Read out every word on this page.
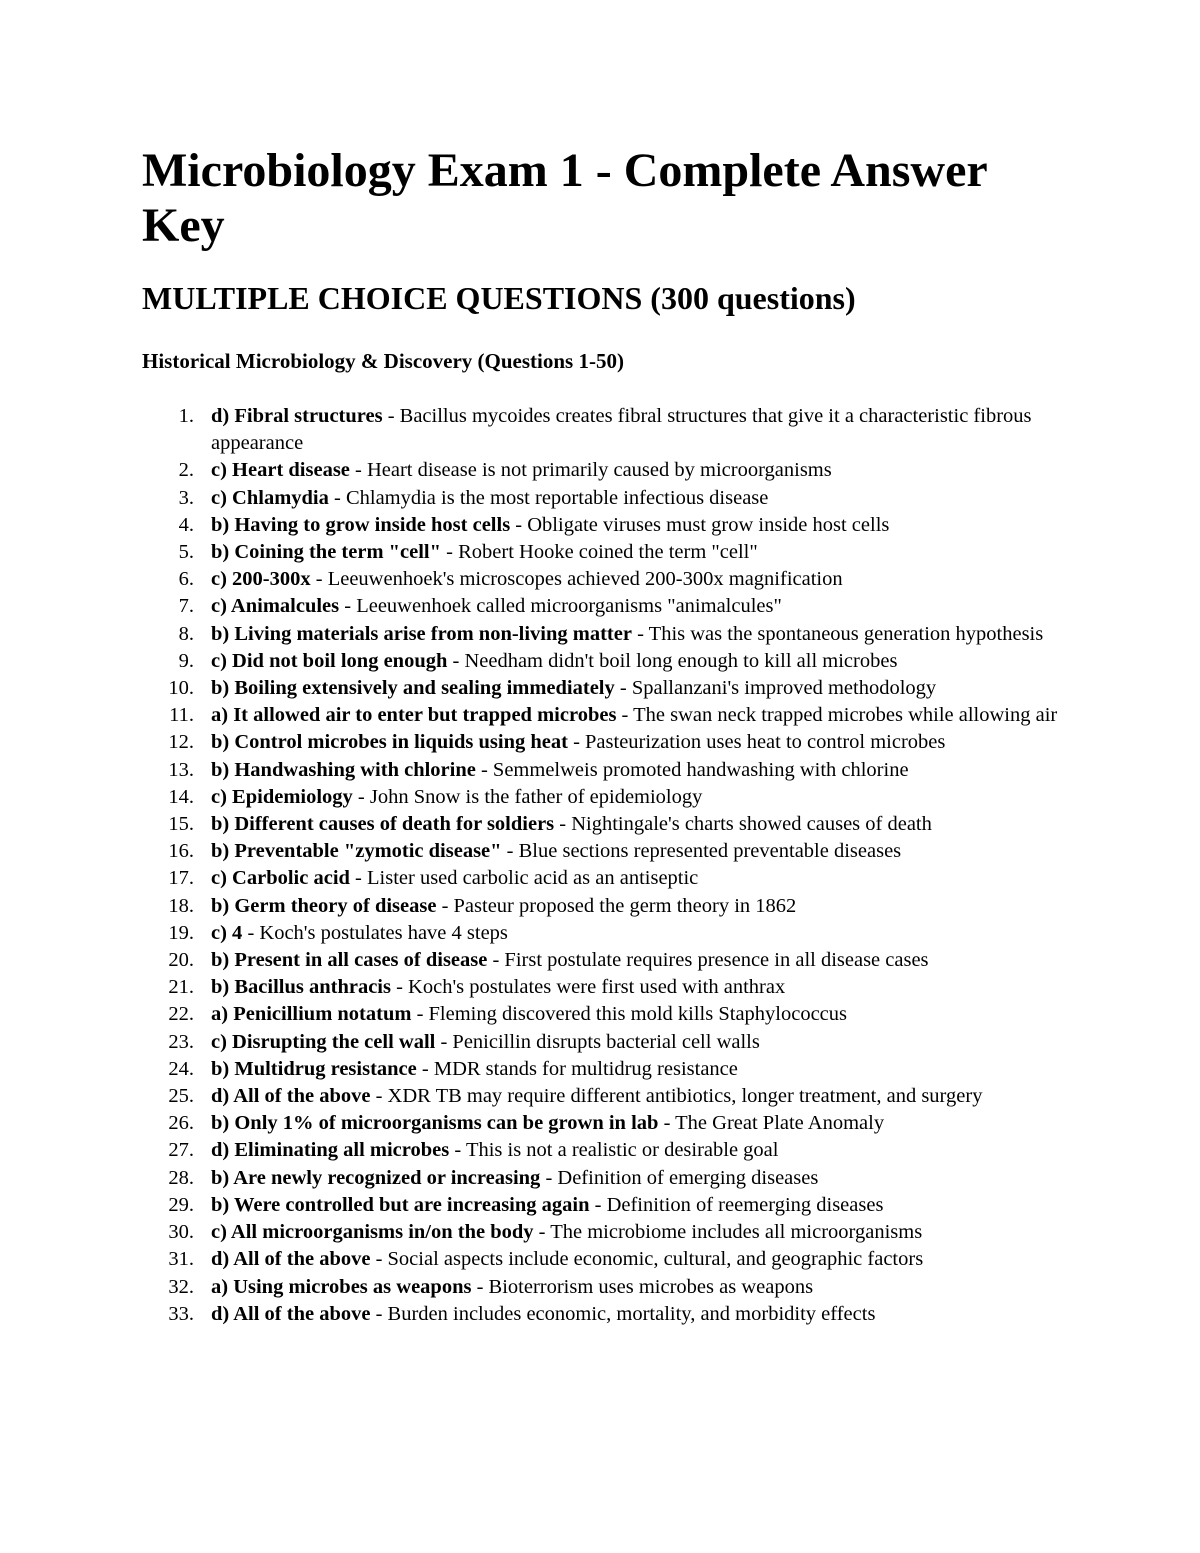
Microbiology Exam 1 - Complete Answer Key
MULTIPLE CHOICE QUESTIONS (300 questions)
Historical Microbiology & Discovery (Questions 1-50)
1. d) Fibral structures - Bacillus mycoides creates fibral structures that give it a characteristic fibrous appearance
2. c) Heart disease - Heart disease is not primarily caused by microorganisms
3. c) Chlamydia - Chlamydia is the most reportable infectious disease
4. b) Having to grow inside host cells - Obligate viruses must grow inside host cells
5. b) Coining the term "cell" - Robert Hooke coined the term "cell"
6. c) 200-300x - Leeuwenhoek's microscopes achieved 200-300x magnification
7. c) Animalcules - Leeuwenhoek called microorganisms "animalcules"
8. b) Living materials arise from non-living matter - This was the spontaneous generation hypothesis
9. c) Did not boil long enough - Needham didn't boil long enough to kill all microbes
10. b) Boiling extensively and sealing immediately - Spallanzani's improved methodology
11. a) It allowed air to enter but trapped microbes - The swan neck trapped microbes while allowing air
12. b) Control microbes in liquids using heat - Pasteurization uses heat to control microbes
13. b) Handwashing with chlorine - Semmelweis promoted handwashing with chlorine
14. c) Epidemiology - John Snow is the father of epidemiology
15. b) Different causes of death for soldiers - Nightingale's charts showed causes of death
16. b) Preventable "zymotic disease" - Blue sections represented preventable diseases
17. c) Carbolic acid - Lister used carbolic acid as an antiseptic
18. b) Germ theory of disease - Pasteur proposed the germ theory in 1862
19. c) 4 - Koch's postulates have 4 steps
20. b) Present in all cases of disease - First postulate requires presence in all disease cases
21. b) Bacillus anthracis - Koch's postulates were first used with anthrax
22. a) Penicillium notatum - Fleming discovered this mold kills Staphylococcus
23. c) Disrupting the cell wall - Penicillin disrupts bacterial cell walls
24. b) Multidrug resistance - MDR stands for multidrug resistance
25. d) All of the above - XDR TB may require different antibiotics, longer treatment, and surgery
26. b) Only 1% of microorganisms can be grown in lab - The Great Plate Anomaly
27. d) Eliminating all microbes - This is not a realistic or desirable goal
28. b) Are newly recognized or increasing - Definition of emerging diseases
29. b) Were controlled but are increasing again - Definition of reemerging diseases
30. c) All microorganisms in/on the body - The microbiome includes all microorganisms
31. d) All of the above - Social aspects include economic, cultural, and geographic factors
32. a) Using microbes as weapons - Bioterrorism uses microbes as weapons
33. d) All of the above - Burden includes economic, mortality, and morbidity effects
